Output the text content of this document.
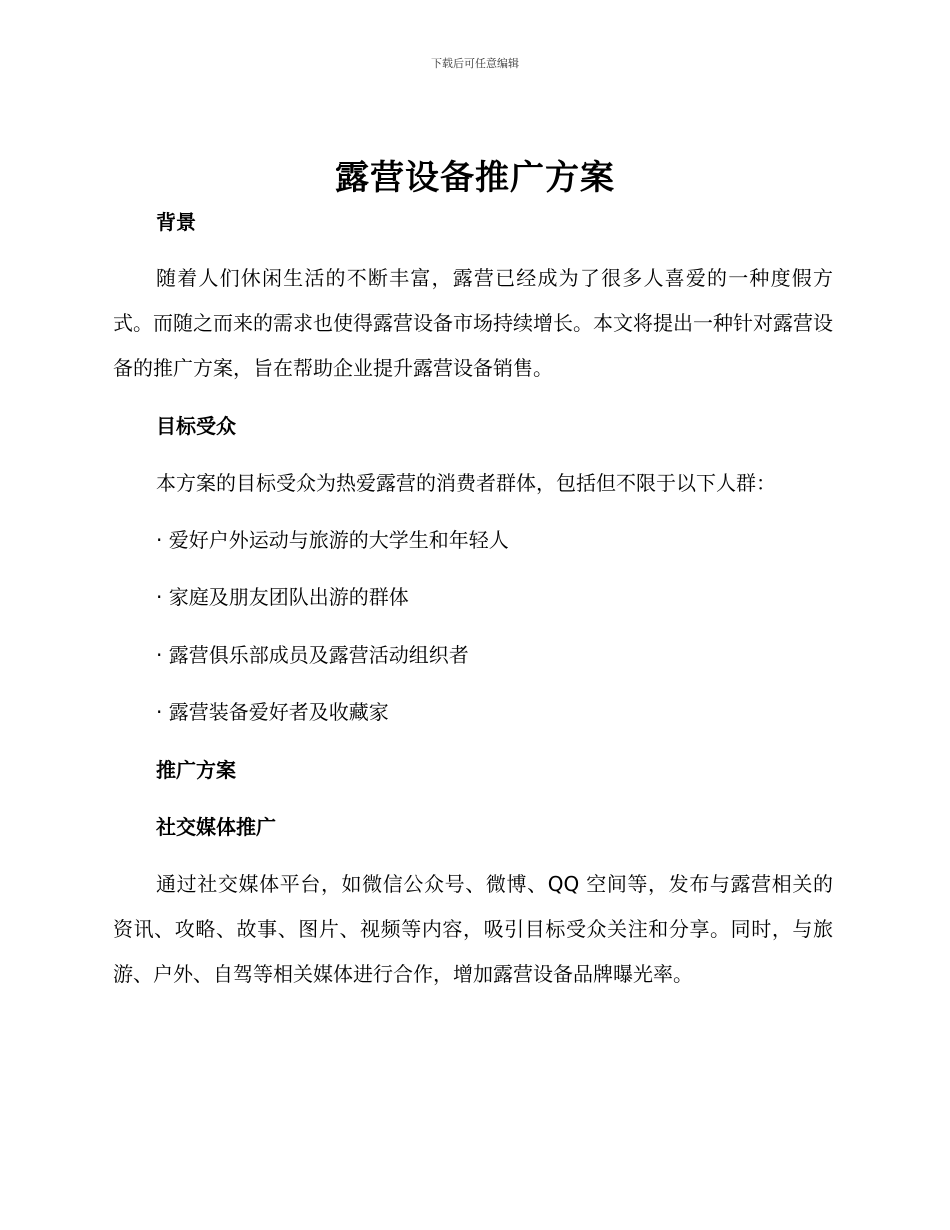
下载后可任意编辑
露营设备推广方案
背景
随着人们休闲生活的不断丰富，露营已经成为了很多人喜爱的一种度假方式。而随之而来的需求也使得露营设备市场持续增长。本文将提出一种针对露营设备的推广方案，旨在帮助企业提升露营设备销售。
目标受众
本方案的目标受众为热爱露营的消费者群体，包括但不限于以下人群：
· 爱好户外运动与旅游的大学生和年轻人
· 家庭及朋友团队出游的群体
· 露营俱乐部成员及露营活动组织者
· 露营装备爱好者及收藏家
推广方案
社交媒体推广
通过社交媒体平台，如微信公众号、微博、QQ 空间等，发布与露营相关的资讯、攻略、故事、图片、视频等内容，吸引目标受众关注和分享。同时，与旅游、户外、自驾等相关媒体进行合作，增加露营设备品牌曝光率。
